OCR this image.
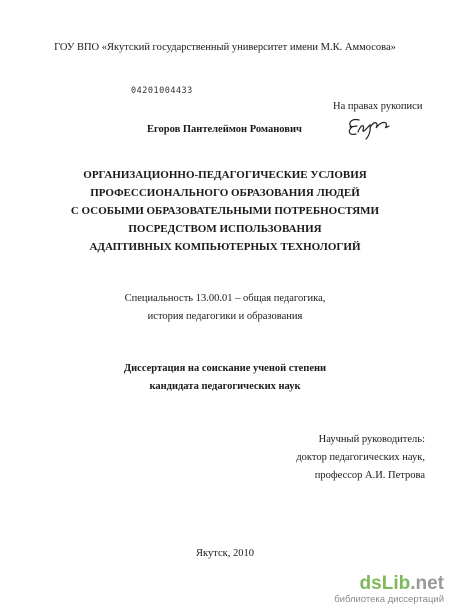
ГОУ ВПО «Якутский государственный университет имени М.К. Аммосова»
04201004433
На правах рукописи
Егоров Пантелеймон Романович
ОРГАНИЗАЦИОННО-ПЕДАГОГИЧЕСКИЕ УСЛОВИЯ
ПРОФЕССИОНАЛЬНОГО ОБРАЗОВАНИЯ ЛЮДЕЙ
С ОСОБЫМИ ОБРАЗОВАТЕЛЬНЫМИ ПОТРЕБНОСТЯМИ
ПОСРЕДСТВОМ ИСПОЛЬЗОВАНИЯ
АДАПТИВНЫХ КОМПЬЮТЕРНЫХ ТЕХНОЛОГИЙ
Специальность 13.00.01 – общая педагогика,
история педагогики и образования
Диссертация на соискание ученой степени
кандидата педагогических наук
Научный руководитель:
доктор педагогических наук,
профессор А.И. Петрова
Якутск, 2010
dsLib.net
библиотека диссертаций
